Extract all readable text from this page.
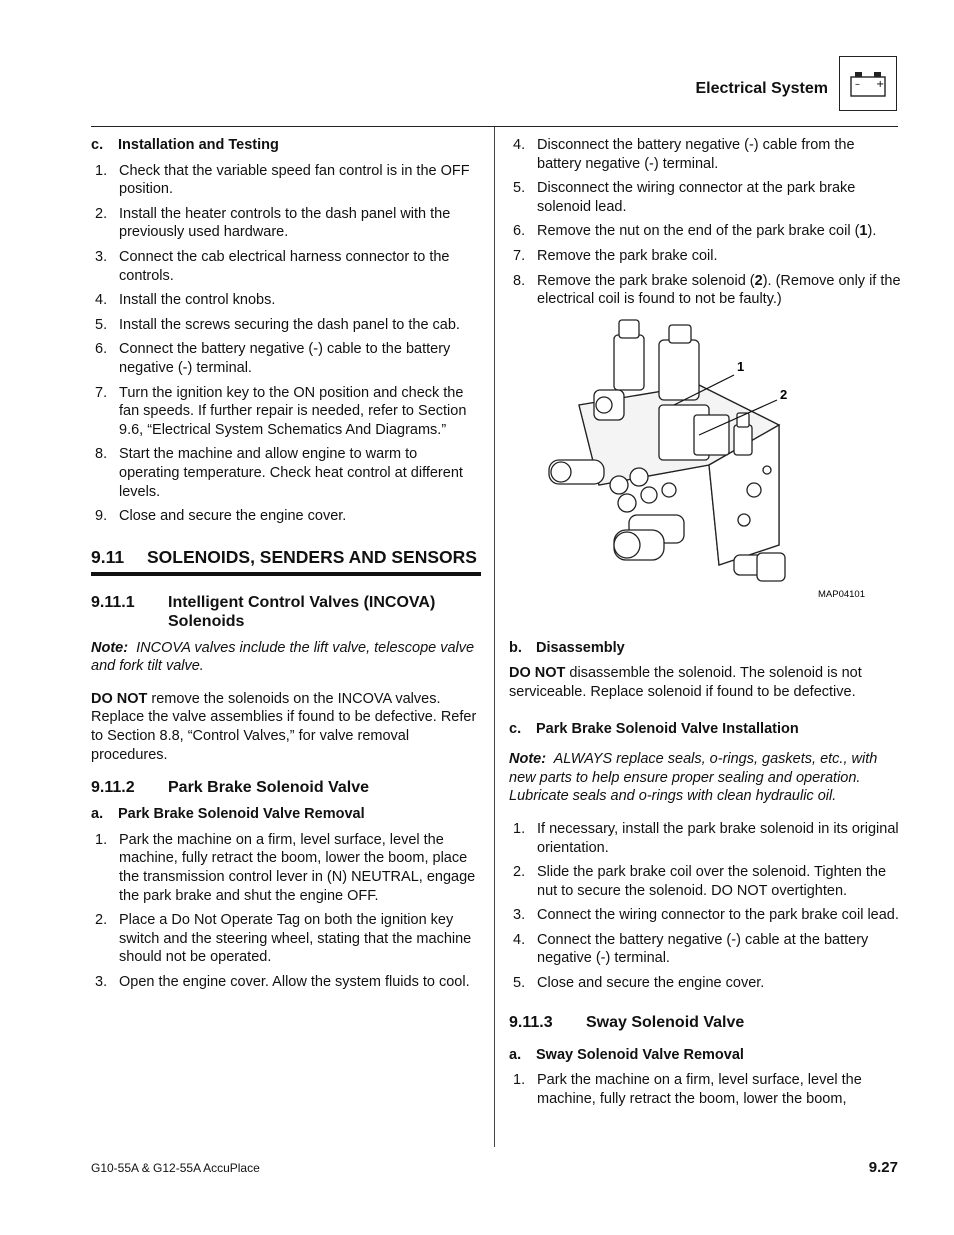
Electrical System	– +
c. Installation and Testing
1. Check that the variable speed fan control is in the OFF position.
2. Install the heater controls to the dash panel with the previously used hardware.
3. Connect the cab electrical harness connector to the controls.
4. Install the control knobs.
5. Install the screws securing the dash panel to the cab.
6. Connect the battery negative (-) cable to the battery negative (-) terminal.
7. Turn the ignition key to the ON position and check the fan speeds. If further repair is needed, refer to Section 9.6, “Electrical System Schematics And Diagrams.”
8. Start the machine and allow engine to warm to operating temperature. Check heat control at different levels.
9. Close and secure the engine cover.
9.11	SOLENOIDS, SENDERS AND SENSORS
9.11.1	Intelligent Control Valves (INCOVA) Solenoids

Note: INCOVA valves include the lift valve, telescope valve and fork tilt valve.

DO NOT remove the solenoids on the INCOVA valves. Replace the valve assemblies if found to be defective. Refer to Section 8.8, “Control Valves,” for valve removal procedures.

9.11.2	Park Brake Solenoid Valve
a. Park Brake Solenoid Valve Removal
1. Park the machine on a firm, level surface, level the machine, fully retract the boom, lower the boom, place the transmission control lever in (N) NEUTRAL, engage the park brake and shut the engine OFF.
2. Place a Do Not Operate Tag on both the ignition key switch and the steering wheel, stating that the machine should not be operated.
3. Open the engine cover. Allow the system fluids to cool.
4. Disconnect the battery negative (-) cable from the battery negative (-) terminal.
5. Disconnect the wiring connector at the park brake solenoid lead.
6. Remove the nut on the end of the park brake coil (1).
7. Remove the park brake coil.
8. Remove the park brake solenoid (2). (Remove only if the electrical coil is found to not be faulty.)
1
2
MAP04101
b. Disassembly

DO NOT disassemble the solenoid. The solenoid is not serviceable. Replace solenoid if found to be defective.

c. Park Brake Solenoid Valve Installation

Note: ALWAYS replace seals, o-rings, gaskets, etc., with new parts to help ensure proper sealing and operation. Lubricate seals and o-rings with clean hydraulic oil.

1. If necessary, install the park brake solenoid in its original orientation.
2. Slide the park brake coil over the solenoid. Tighten the nut to secure the solenoid. DO NOT overtighten.
3. Connect the wiring connector to the park brake coil lead.
4. Connect the battery negative (-) cable at the battery negative (-) terminal.
5. Close and secure the engine cover.
9.11.3	Sway Solenoid Valve
a. Sway Solenoid Valve Removal
1. Park the machine on a firm, level surface, level the machine, fully retract the boom, lower the boom,
G10-55A & G12-55A AccuPlace	9.27
